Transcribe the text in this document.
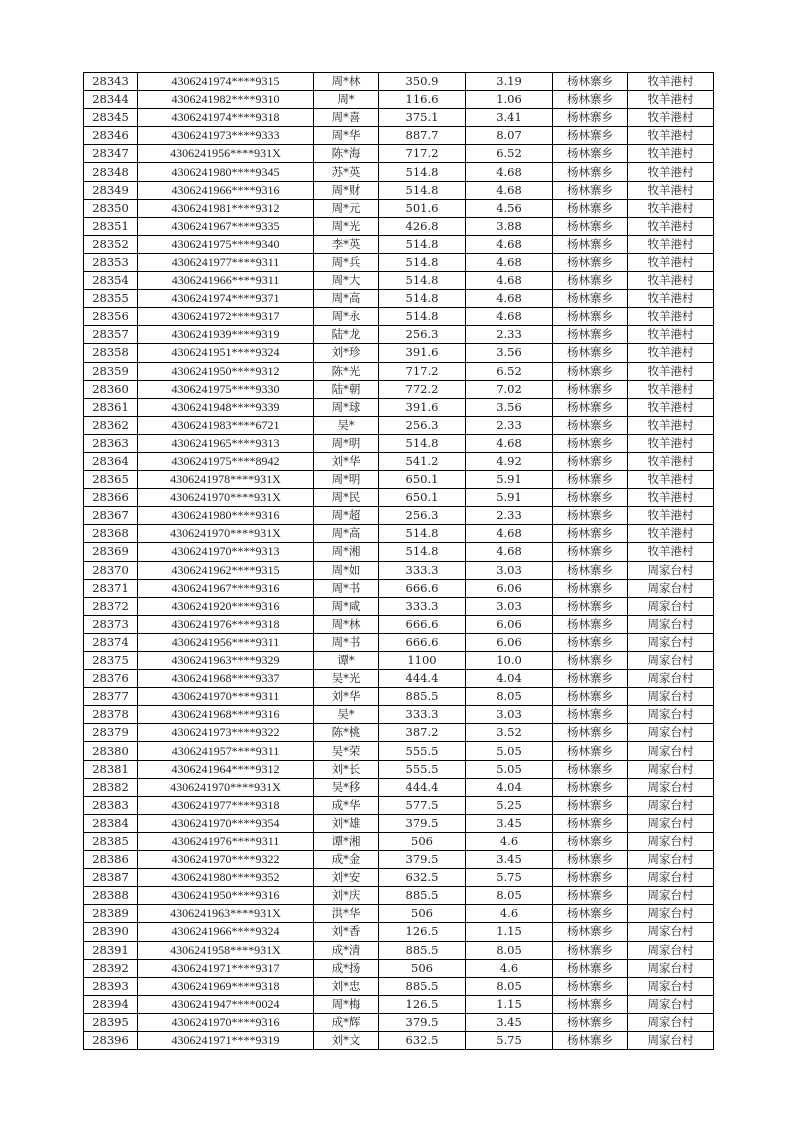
28343	4306241974****9315	周*林	350.9	3.19	杨林寨乡	牧羊港村
28344	4306241982****9310	周*	116.6	1.06	杨林寨乡	牧羊港村
28345	4306241974****9318	周*喜	375.1	3.41	杨林寨乡	牧羊港村
28346	4306241973****9333	周*华	887.7	8.07	杨林寨乡	牧羊港村
28347	4306241956****931X	陈*海	717.2	6.52	杨林寨乡	牧羊港村
28348	4306241980****9345	苏*英	514.8	4.68	杨林寨乡	牧羊港村
28349	4306241966****9316	周*财	514.8	4.68	杨林寨乡	牧羊港村
28350	4306241981****9312	周*元	501.6	4.56	杨林寨乡	牧羊港村
28351	4306241967****9335	周*光	426.8	3.88	杨林寨乡	牧羊港村
28352	4306241975****9340	李*英	514.8	4.68	杨林寨乡	牧羊港村
28353	4306241977****9311	周*兵	514.8	4.68	杨林寨乡	牧羊港村
28354	4306241966****9311	周*大	514.8	4.68	杨林寨乡	牧羊港村
28355	4306241974****9371	周*高	514.8	4.68	杨林寨乡	牧羊港村
28356	4306241972****9317	周*永	514.8	4.68	杨林寨乡	牧羊港村
28357	4306241939****9319	陆*龙	256.3	2.33	杨林寨乡	牧羊港村
28358	4306241951****9324	刘*珍	391.6	3.56	杨林寨乡	牧羊港村
28359	4306241950****9312	陈*光	717.2	6.52	杨林寨乡	牧羊港村
28360	4306241975****9330	陆*朝	772.2	7.02	杨林寨乡	牧羊港村
28361	4306241948****9339	周*球	391.6	3.56	杨林寨乡	牧羊港村
28362	4306241983****6721	吴*	256.3	2.33	杨林寨乡	牧羊港村
28363	4306241965****9313	周*明	514.8	4.68	杨林寨乡	牧羊港村
28364	4306241975****8942	刘*华	541.2	4.92	杨林寨乡	牧羊港村
28365	4306241978****931X	周*明	650.1	5.91	杨林寨乡	牧羊港村
28366	4306241970****931X	周*民	650.1	5.91	杨林寨乡	牧羊港村
28367	4306241980****9316	周*超	256.3	2.33	杨林寨乡	牧羊港村
28368	4306241970****931X	周*高	514.8	4.68	杨林寨乡	牧羊港村
28369	4306241970****9313	周*湘	514.8	4.68	杨林寨乡	牧羊港村
28370	4306241962****9315	周*如	333.3	3.03	杨林寨乡	周家台村
28371	4306241967****9316	周*书	666.6	6.06	杨林寨乡	周家台村
28372	4306241920****9316	周*咸	333.3	3.03	杨林寨乡	周家台村
28373	4306241976****9318	周*林	666.6	6.06	杨林寨乡	周家台村
28374	4306241956****9311	周*书	666.6	6.06	杨林寨乡	周家台村
28375	4306241963****9329	谭*	1100	10.0	杨林寨乡	周家台村
28376	4306241968****9337	吴*光	444.4	4.04	杨林寨乡	周家台村
28377	4306241970****9311	刘*华	885.5	8.05	杨林寨乡	周家台村
28378	4306241968****9316	吴*	333.3	3.03	杨林寨乡	周家台村
28379	4306241973****9322	陈*桃	387.2	3.52	杨林寨乡	周家台村
28380	4306241957****9311	吴*荣	555.5	5.05	杨林寨乡	周家台村
28381	4306241964****9312	刘*长	555.5	5.05	杨林寨乡	周家台村
28382	4306241970****931X	吴*移	444.4	4.04	杨林寨乡	周家台村
28383	4306241977****9318	成*华	577.5	5.25	杨林寨乡	周家台村
28384	4306241970****9354	刘*雄	379.5	3.45	杨林寨乡	周家台村
28385	4306241976****9311	谭*湘	506	4.6	杨林寨乡	周家台村
28386	4306241970****9322	成*金	379.5	3.45	杨林寨乡	周家台村
28387	4306241980****9352	刘*安	632.5	5.75	杨林寨乡	周家台村
28388	4306241950****9316	刘*庆	885.5	8.05	杨林寨乡	周家台村
28389	4306241963****931X	洪*华	506	4.6	杨林寨乡	周家台村
28390	4306241966****9324	刘*香	126.5	1.15	杨林寨乡	周家台村
28391	4306241958****931X	成*清	885.5	8.05	杨林寨乡	周家台村
28392	4306241971****9317	成*扬	506	4.6	杨林寨乡	周家台村
28393	4306241969****9318	刘*忠	885.5	8.05	杨林寨乡	周家台村
28394	4306241947****0024	周*梅	126.5	1.15	杨林寨乡	周家台村
28395	4306241970****9316	成*辉	379.5	3.45	杨林寨乡	周家台村
28396	4306241971****9319	刘*文	632.5	5.75	杨林寨乡	周家台村
